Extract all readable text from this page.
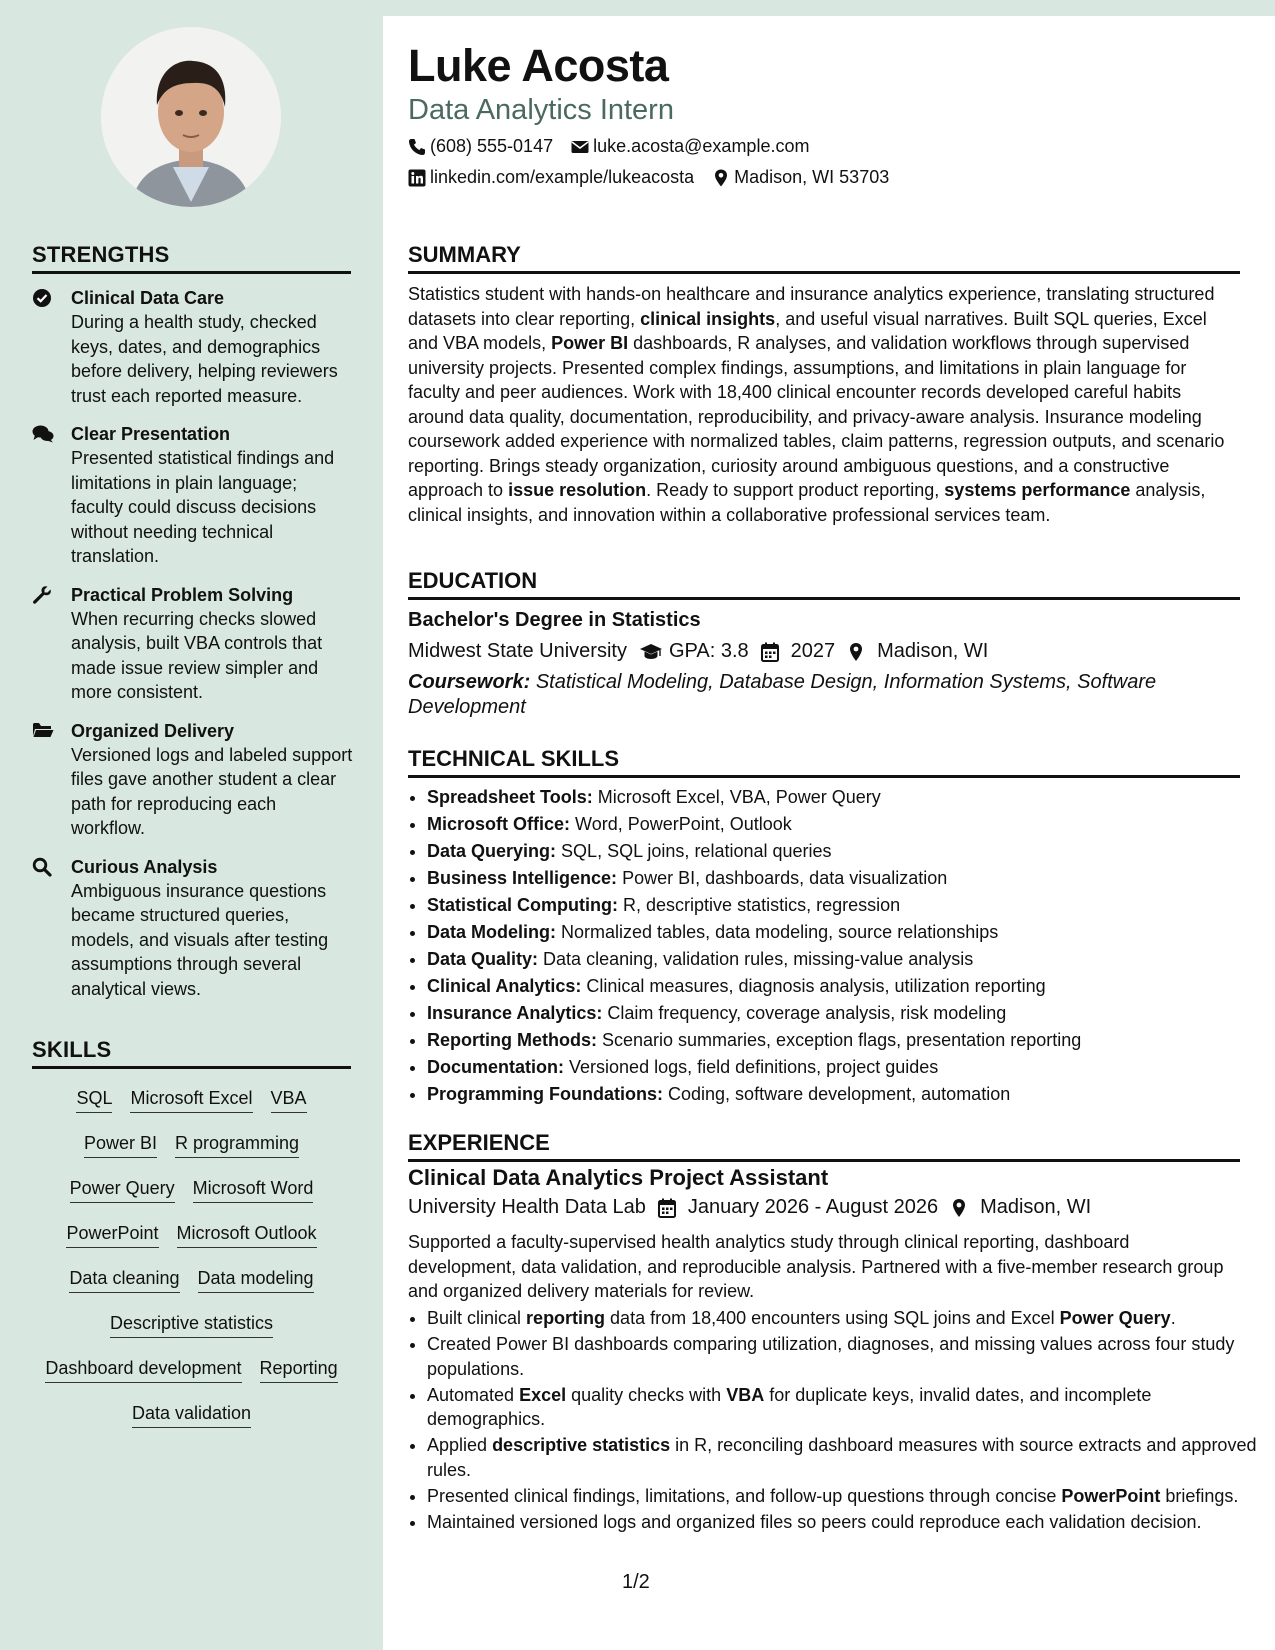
STRENGTHS
Clinical Data Care
During a health study, checked keys, dates, and demographics before delivery, helping reviewers trust each reported measure.
Clear Presentation
Presented statistical findings and limitations in plain language; faculty could discuss decisions without needing technical translation.
Practical Problem Solving
When recurring checks slowed analysis, built VBA controls that made issue review simpler and more consistent.
Organized Delivery
Versioned logs and labeled support files gave another student a clear path for reproducing each workflow.
Curious Analysis
Ambiguous insurance questions became structured queries, models, and visuals after testing assumptions through several analytical views.
SKILLS
SQL Microsoft Excel VBA
Power BI R programming
Power Query Microsoft Word
PowerPoint Microsoft Outlook
Data cleaning Data modeling
Descriptive statistics
Dashboard development Reporting
Data validation
Luke Acosta
Data Analytics Intern
(608) 555-0147 luke.acosta@example.com
linkedin.com/example/lukeacosta Madison, WI 53703
SUMMARY
Statistics student with hands-on healthcare and insurance analytics experience, translating structured datasets into clear reporting, clinical insights, and useful visual narratives. Built SQL queries, Excel and VBA models, Power BI dashboards, R analyses, and validation workflows through supervised university projects. Presented complex findings, assumptions, and limitations in plain language for faculty and peer audiences. Work with 18,400 clinical encounter records developed careful habits around data quality, documentation, reproducibility, and privacy-aware analysis. Insurance modeling coursework added experience with normalized tables, claim patterns, regression outputs, and scenario reporting. Brings steady organization, curiosity around ambiguous questions, and a constructive approach to issue resolution. Ready to support product reporting, systems performance analysis, clinical insights, and innovation within a collaborative professional services team.
EDUCATION
Bachelor's Degree in Statistics
Midwest State University GPA: 3.8 2027 Madison, WI
Coursework: Statistical Modeling, Database Design, Information Systems, Software Development
TECHNICAL SKILLS
• Spreadsheet Tools: Microsoft Excel, VBA, Power Query
• Microsoft Office: Word, PowerPoint, Outlook
• Data Querying: SQL, SQL joins, relational queries
• Business Intelligence: Power BI, dashboards, data visualization
• Statistical Computing: R, descriptive statistics, regression
• Data Modeling: Normalized tables, data modeling, source relationships
• Data Quality: Data cleaning, validation rules, missing-value analysis
• Clinical Analytics: Clinical measures, diagnosis analysis, utilization reporting
• Insurance Analytics: Claim frequency, coverage analysis, risk modeling
• Reporting Methods: Scenario summaries, exception flags, presentation reporting
• Documentation: Versioned logs, field definitions, project guides
• Programming Foundations: Coding, software development, automation
EXPERIENCE
Clinical Data Analytics Project Assistant
University Health Data Lab January 2026 - August 2026 Madison, WI
Supported a faculty-supervised health analytics study through clinical reporting, dashboard development, data validation, and reproducible analysis. Partnered with a five-member research group and organized delivery materials for review.
• Built clinical reporting data from 18,400 encounters using SQL joins and Excel Power Query.
• Created Power BI dashboards comparing utilization, diagnoses, and missing values across four study populations.
• Automated Excel quality checks with VBA for duplicate keys, invalid dates, and incomplete demographics.
• Applied descriptive statistics in R, reconciling dashboard measures with source extracts and approved rules.
• Presented clinical findings, limitations, and follow-up questions through concise PowerPoint briefings.
• Maintained versioned logs and organized files so peers could reproduce each validation decision.
1/2
